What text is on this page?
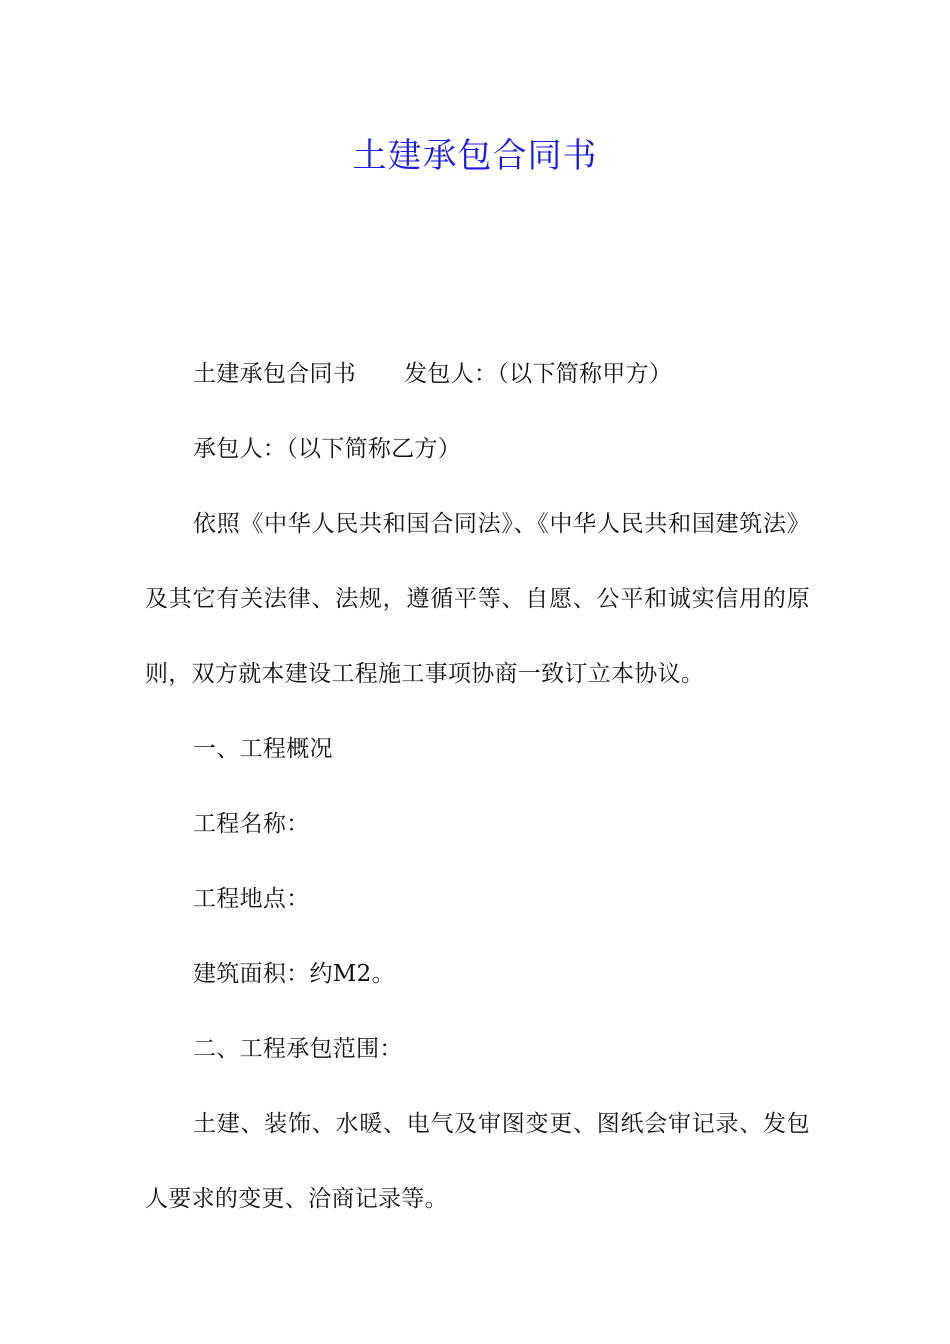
土建承包合同书

土建承包合同书 发包人：（以下简称甲方）

承包人：（以下简称乙方）

依照《中华人民共和国合同法》、《中华人民共和国建筑法》及其它有关法律、法规，遵循平等、自愿、公平和诚实信用的原则，双方就本建设工程施工事项协商一致订立本协议。

一、工程概况

工程名称：

工程地点：

建筑面积：约M2。

二、工程承包范围：

土建、装饰、水暖、电气及审图变更、图纸会审记录、发包人要求的变更、洽商记录等。
